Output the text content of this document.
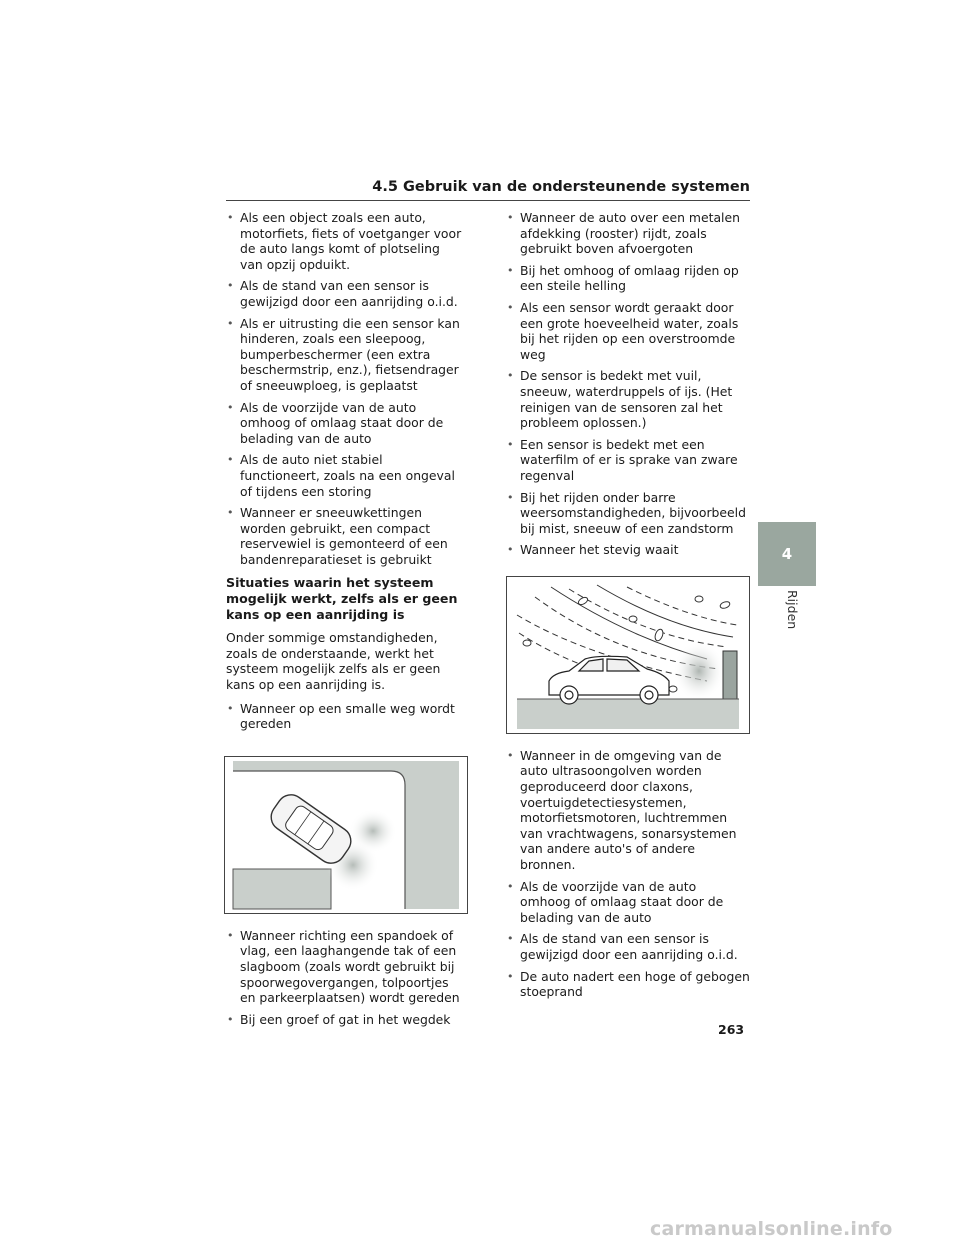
4.5 Gebruik van de ondersteunende systemen
• Als een object zoals een auto, motorfiets, fiets of voetganger voor de auto langs komt of plotseling van opzij opduikt.
• Als de stand van een sensor is gewijzigd door een aanrijding o.i.d.
• Als er uitrusting die een sensor kan hinderen, zoals een sleepoog, bumperbeschermer (een extra beschermstrip, enz.), fietsendrager of sneeuwploeg, is geplaatst
• Als de voorzijde van de auto omhoog of omlaag staat door de belading van de auto
• Als de auto niet stabiel functioneert, zoals na een ongeval of tijdens een storing
• Wanneer er sneeuwkettingen worden gebruikt, een compact reservewiel is gemonteerd of een bandenreparatieset is gebruikt
Situaties waarin het systeem mogelijk werkt, zelfs als er geen kans op een aanrijding is

Onder sommige omstandigheden, zoals de onderstaande, werkt het systeem mogelijk zelfs als er geen kans op een aanrijding is.

• Wanneer op een smalle weg wordt gereden
• Wanneer richting een spandoek of vlag, een laaghangende tak of een slagboom (zoals wordt gebruikt bij spoorwegovergangen, tolpoortjes en parkeerplaatsen) wordt gereden
• Bij een groef of gat in het wegdek
• Wanneer de auto over een metalen afdekking (rooster) rijdt, zoals gebruikt boven afvoergoten
• Bij het omhoog of omlaag rijden op een steile helling
• Als een sensor wordt geraakt door een grote hoeveelheid water, zoals bij het rijden op een overstroomde weg
• De sensor is bedekt met vuil, sneeuw, waterdruppels of ijs. (Het reinigen van de sensoren zal het probleem oplossen.)
• Een sensor is bedekt met een waterfilm of er is sprake van zware regenval
• Bij het rijden onder barre weersomstandigheden, bijvoorbeeld bij mist, sneeuw of een zandstorm
• Wanneer het stevig waait
• Wanneer in de omgeving van de auto ultrasoongolven worden geproduceerd door claxons, voertuigdetectiesystemen, motorfietsmotoren, luchtremmen van vrachtwagens, sonarsystemen van andere auto's of andere bronnen.
• Als de voorzijde van de auto omhoog of omlaag staat door de belading van de auto
• Als de stand van een sensor is gewijzigd door een aanrijding o.i.d.
• De auto nadert een hoge of gebogen stoeprand
4
Rijden
263
carmanualsonline.info
